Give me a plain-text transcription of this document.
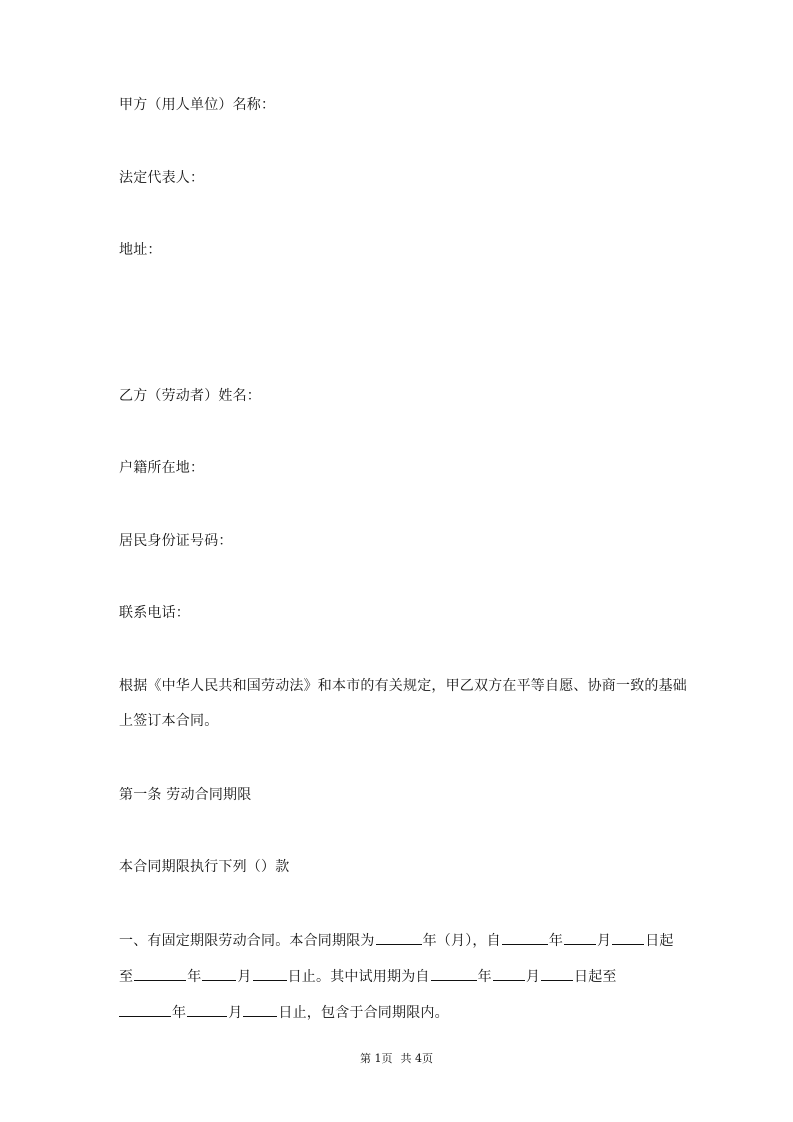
甲方（用人单位）名称：
法定代表人：
地址：
乙方（劳动者）姓名：
户籍所在地：
居民身份证号码：
联系电话：
根据《中华人民共和国劳动法》和本市的有关规定，甲乙双方在平等自愿、协商一致的基础
上签订本合同。
第一条 劳动合同期限
本合同期限执行下列（）款
一、有固定期限劳动合同。本合同期限为	年（月），自	年 月 日起
至	年	月	日止。其中试用期为自	年 月 日起至
年	月	日止，包含于合同期限内。
第 1页 共 4页
